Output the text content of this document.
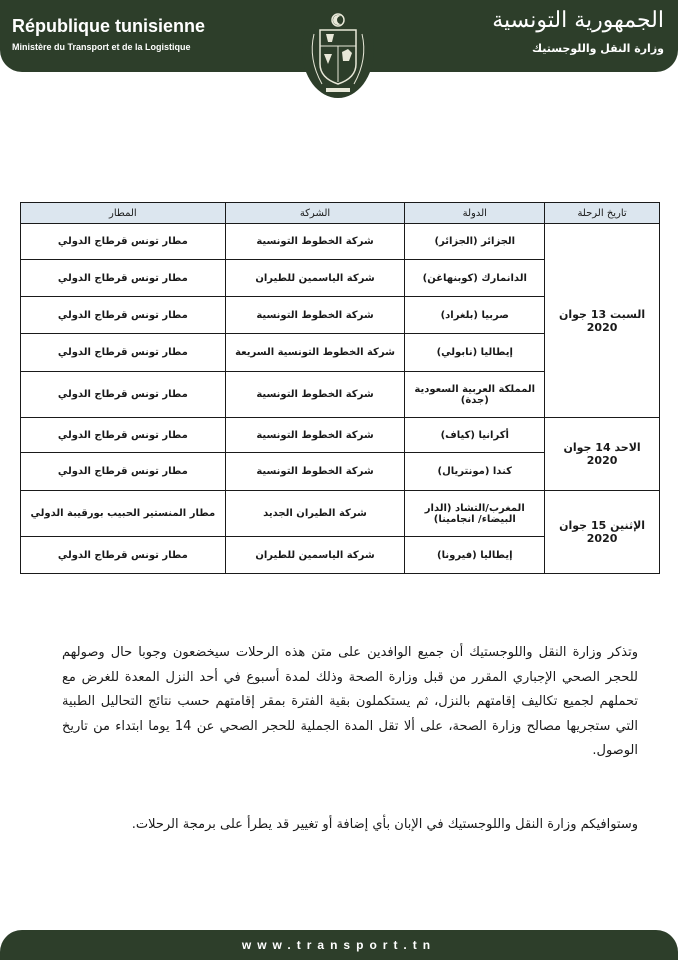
République tunisienne
Ministère du Transport et de la Logistique
الجمهورية التونسية
وزارة النقل واللوجستيك
تاريخ الرحلة	الدولة	الشركة	المطار
السبت 13 جوان 2020	الجزائر (الجزائر)	شركة الخطوط التونسية	مطار تونس قرطاج الدولي
	الدانمارك (كوبنهاغن)	شركة الياسمين للطيران	مطار تونس قرطاج الدولي
	صربيا (بلغراد)	شركة الخطوط التونسية	مطار تونس قرطاج الدولي
	إيطاليا (نابولي)	شركة الخطوط التونسية السريعة	مطار تونس قرطاج الدولي
	المملكة العربية السعودية (جدة)	شركة الخطوط التونسية	مطار تونس قرطاج الدولي
الاحد 14 جوان 2020	أكرانيا (كياف)	شركة الخطوط التونسية	مطار تونس قرطاج الدولي
	كندا (مونتريال)	شركة الخطوط التونسية	مطار تونس قرطاج الدولي
الإثنين 15 جوان 2020	المغرب/التشاد (الدار البيضاء/ انجامينا)	شركة الطيران الجديد	مطار المنستير الحبيب بورقيبة الدولي
	إيطاليا (فيرونا)	شركة الياسمين للطيران	مطار تونس قرطاج الدولي

وتذكر وزارة النقل واللوجستيك أن جميع الوافدين على متن هذه الرحلات سيخضعون وجوبا حال وصولهم للحجر الصحي الإجباري المقرر من قبل وزارة الصحة وذلك لمدة أسبوع في أحد النزل المعدة للغرض مع تحملهم لجميع تكاليف إقامتهم بالنزل، ثم يستكملون بقية الفترة بمقر إقامتهم حسب نتائج التحاليل الطبية التي ستجريها مصالح وزارة الصحة، على ألا تقل المدة الجملية للحجر الصحي عن 14 يوما ابتداء من تاريخ الوصول.

وستوافيكم وزارة النقل واللوجستيك في الإبان بأي إضافة أو تغيير قد يطرأ على برمجة الرحلات.

www.transport.tn
